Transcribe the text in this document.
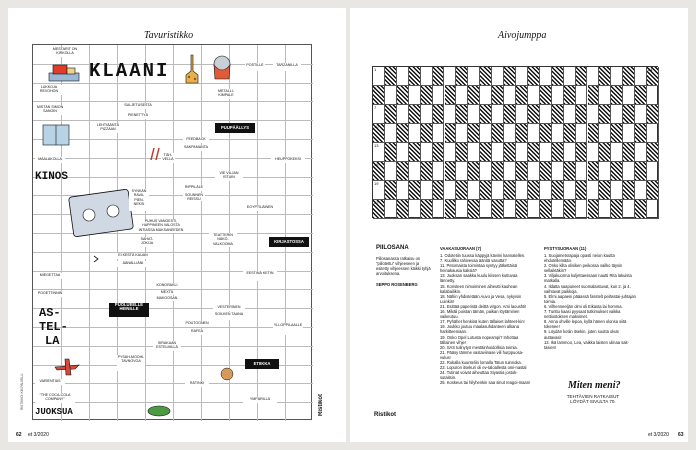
Tavuristikko
KLAANI
KINOS
JUOKSUA
AS-
TEL-
LA
MESTARIT ON KIRKOLLA
POSTILLE	TARZANILLA
LUKKOJA REVOHON	METALLI-KIMPALE
MISTÄN SIMON SANOIN
SULJETUSESTA
PIENETTYÄ
LEHTIÄÄNTÄ PIZZAAN	PUUPÄÄLLYS
FEEDBACK
SAKPAMANTA
MAALAKOLLA
TÄH-VELLÄ	HEUPPOKEKSI
VIE VILJAN ISTUIN
SYNKÄN RAVA-PIEN-NEKSI
RIPPILÄLE
SOUNNEN REISSU
EGYPTILÄINEN
PUHUS VANGESTI, HAPPINEEN VALOSTA INTIASSA MAKSANEEDEN
KIRJASTOSSA
TEATTERIN NÄKÖ-VALKOOMA
SAHAT-JOKIJA
EI KESTÄ KAUAN
ÄÄNÄLLIÄNI
MIEGETTAA	EESTINÄ KETIN
POOETTINNIN
KONGRAKLI
MEXTÄ
MAKOOSAN
PUOLUEELLE HEINILLE	VESTERINEN
SOILKEN TAANA
POUTOONEN
RAFEA
YLI-OPPILAALLE
SIRAKAAN ESTELMILLÄ
PYSÄH-MOOHI-TAVNOVOA	ETIIKKA
VARIENTIAS	RÄTINKI
"THE COCA-COLA COMPANY"	YMPÄRILLÄ
RISTIKKO: KM-PALVELU	Ristikot
62 et 3/2020
Aivojumppa
1
4
7
10
13
16
19
22
24
PIILOSANA
Piilosanassa ratkaisu on "piilotettu" vihjeeseen ja esitetty vihjeessen käikki tyhjä arvoituksena.
SEPPO ROSENBERG
VAAKASUORAAN (7)
1. Odotetiin tuussa käppyjä kävimi kannatellen.
7. Kuulilko rahivevaa äänitä vasutta?
11. Petomaista toimintaa syntyy jätkettäisä heinakausia kaksiä?
13. Juoksan saakka kuulu kiissen kuttuvaa lännetty.
15. Koristeen nimoiminen aiheutti kauhean kalabailikin.
18. Nähin yhdistetään Auvo ja Vesa, nykyisin Luinkin!
21. Esittää paperistä deittä virgon. Ami laoushti!
16. Mikäli poistan tämän, paikan löytäminen vaikeutuu.
17. Pyhähet henkinä kuten tällaiset lahteet-kin!
19. Joukko joutuu maalasuhdanteen alkana harkitteemaan.
19. Onko Opel Lotusta nopeampi? Inhottaa tällainen vihje!
20. SAS tulinytyö mestäinhoidollisia toimia.
21. Pääsy tämme vastaviinase vili hurppuosa-vulus!
22. Rukalla kuunteliin lomalla Tatun tuinnoka.
23. Lopuron itsekuri oli ev-taloallesta omi-nastal
24. Tutinat voivat aiheuttaa Siyastia jostok-sutaitsin.
25. Koskeus tai hilyhenkin saa sinut reagoi-maan!
PYSTYSUORAAN (11)
1. Suojametsrapaja opasti neion kautta ehdotellemään.
2. Onko kilta olisiken peikossa vailko täysin sellaiktäkin?
3. Viljakuorma kuljettaessaan nautti Rita lakuista matkalla.
4. Ildatta saapuneet suomalaistuvat, kun 2. ja 4. vaihtavat paikkoja.
5. Elmi aapaeni pääassä fasstelt pelässtai-juhtajan toimia.
6. Vilhenneeljän olmi oli Eikasta lai homma.
7. Tunttu kaasi pyysaat tutkimukset vaikka nettiostoksen maksimet.
8. Anna ohville lepoa, kyllä hänen olonsa siitä tokenee!
9. Löydän kotiin itsekin, joten suotta olvat auttavasi!
13. Ikä lammoo, Lea, vaikka laisten ulinaa sait-tasien!
Miten meni?
TEHTÄVIEN RATKAISUT LÖYDÄT SIVULTA 70.
Ristikot
et 3/2020 63
